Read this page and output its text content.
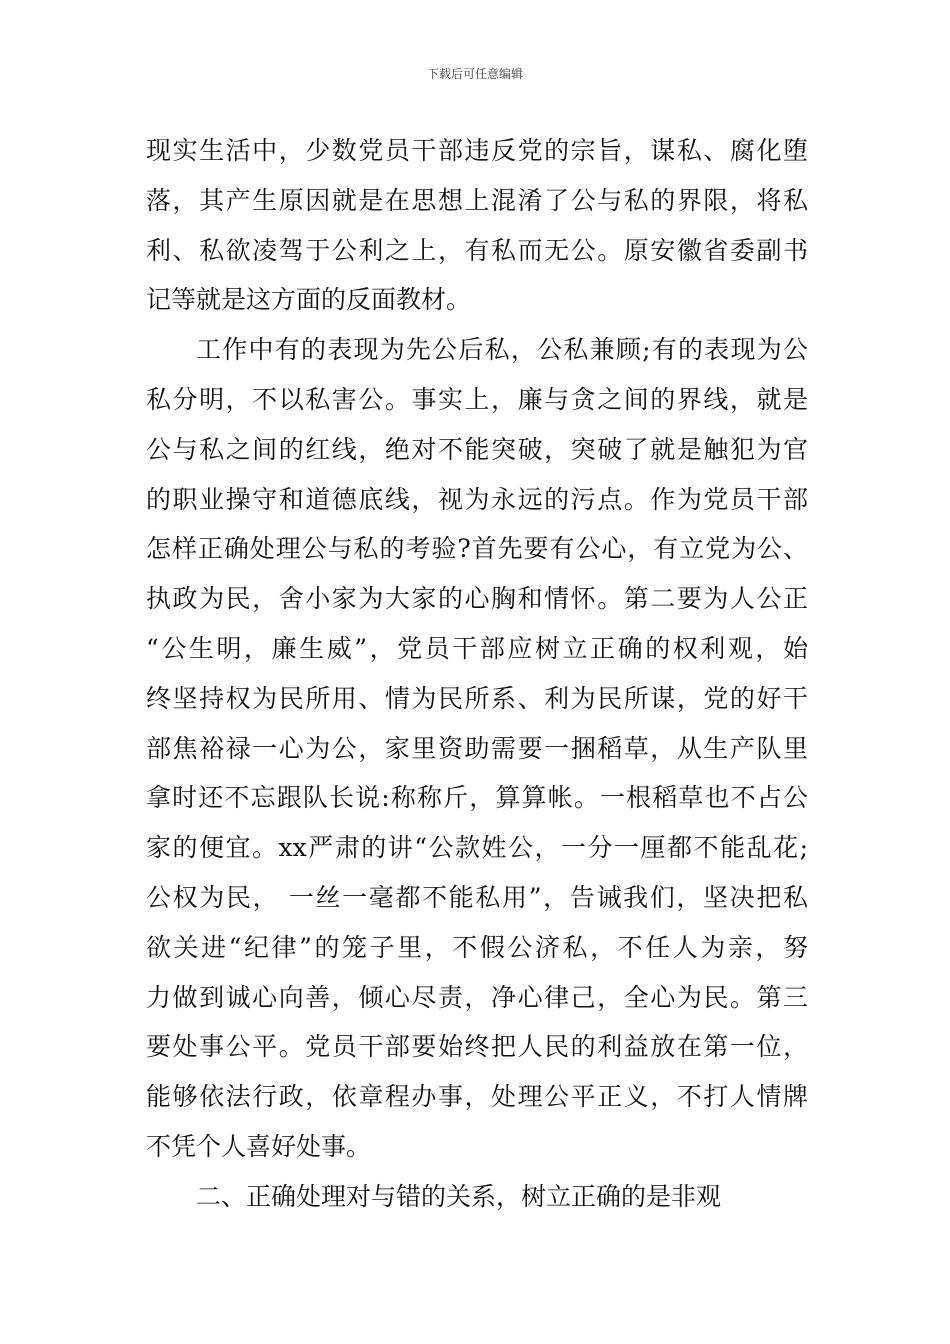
下载后可任意编辑
现实生活中，少数党员干部违反党的宗旨，谋私、腐化堕
落，其产生原因就是在思想上混淆了公与私的界限，将私
利、私欲凌驾于公利之上，有私而无公。原安徽省委副书
记等就是这方面的反面教材。
工作中有的表现为先公后私，公私兼顾;有的表现为公
私分明，不以私害公。事实上，廉与贪之间的界线，就是
公与私之间的红线，绝对不能突破，突破了就是触犯为官
的职业操守和道德底线，视为永远的污点。作为党员干部
怎样正确处理公与私的考验?首先要有公心，有立党为公、
执政为民，舍小家为大家的心胸和情怀。第二要为人公正
“公生明，廉生威”，党员干部应树立正确的权利观，始
终坚持权为民所用、情为民所系、利为民所谋，党的好干
部焦裕禄一心为公，家里资助需要一捆稻草，从生产队里
拿时还不忘跟队长说:称称斤，算算帐。一根稻草也不占公
家的便宜。xx严肃的讲“公款姓公，一分一厘都不能乱花;
公权为民， 一丝一毫都不能私用”，告诫我们，坚决把私
欲关进“纪律”的笼子里，不假公济私，不任人为亲，努
力做到诚心向善，倾心尽责，净心律己，全心为民。第三
要处事公平。党员干部要始终把人民的利益放在第一位，
能够依法行政，依章程办事，处理公平正义，不打人情牌
不凭个人喜好处事。
二、正确处理对与错的关系，树立正确的是非观
